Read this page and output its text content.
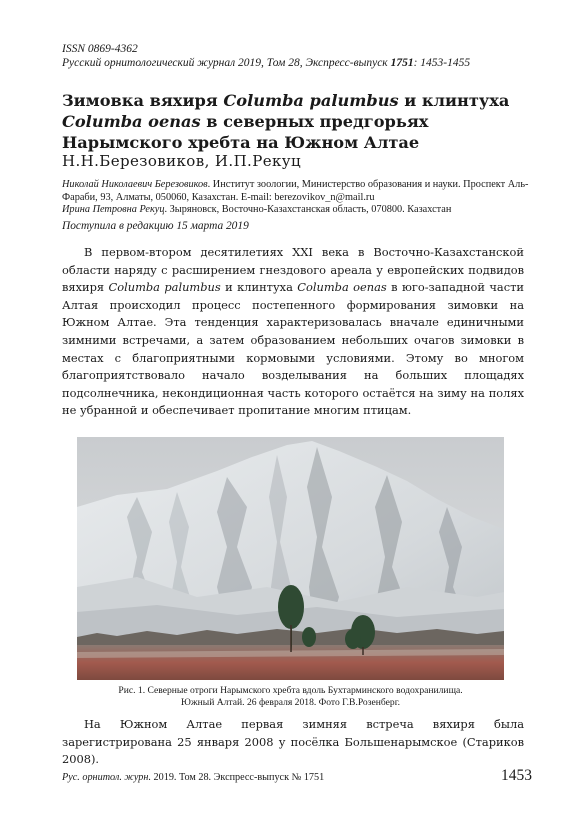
ISSN 0869-4362
Русский орнитологический журнал 2019, Том 28, Экспресс-выпуск 1751: 1453-1455
Зимовка вяхиря Columba palumbus и клинтуха Columba oenas в северных предгорьях Нарымского хребта на Южном Алтае
Н.Н.Березовиков, И.П.Рекуц
Николай Николаевич Березовиков. Институт зоологии, Министерство образования и науки. Проспект Аль-Фараби, 93, Алматы, 050060, Казахстан. E-mail: berezovikov_n@mail.ru
Ирина Петровна Рекуц. Зыряновск, Восточно-Казахстанская область, 070800. Казахстан
Поступила в редакцию 15 марта 2019

В первом-втором десятилетиях XXI века в Восточно-Казахстанской области наряду с расширением гнездового ареала у европейских подвидов вяхиря Columba palumbus и клинтуха Columba oenas в юго-западной части Алтая происходил процесс постепенного формирования зимовки на Южном Алтае. Эта тенденция характеризовалась вначале единичными зимними встречами, а затем образованием небольших очагов зимовки в местах с благоприятными кормовыми условиями. Этому во многом благоприятствовало начало возделывания на больших площадях подсолнечника, некондиционная часть которого остаётся на зиму на полях не убранной и обеспечивает пропитание многим птицам.

Рис. 1. Северные отроги Нарымского хребта вдоль Бухтарминского водохранилища.
Южный Алтай. 26 февраля 2018. Фото Г.В.Розенберг.

На Южном Алтае первая зимняя встреча вяхиря была зарегистрирована 25 января 2008 у посёлка Большенарымское (Стариков 2008).

Рус. орнитол. журн. 2019. Том 28. Экспресс-выпуск № 1751	1453
